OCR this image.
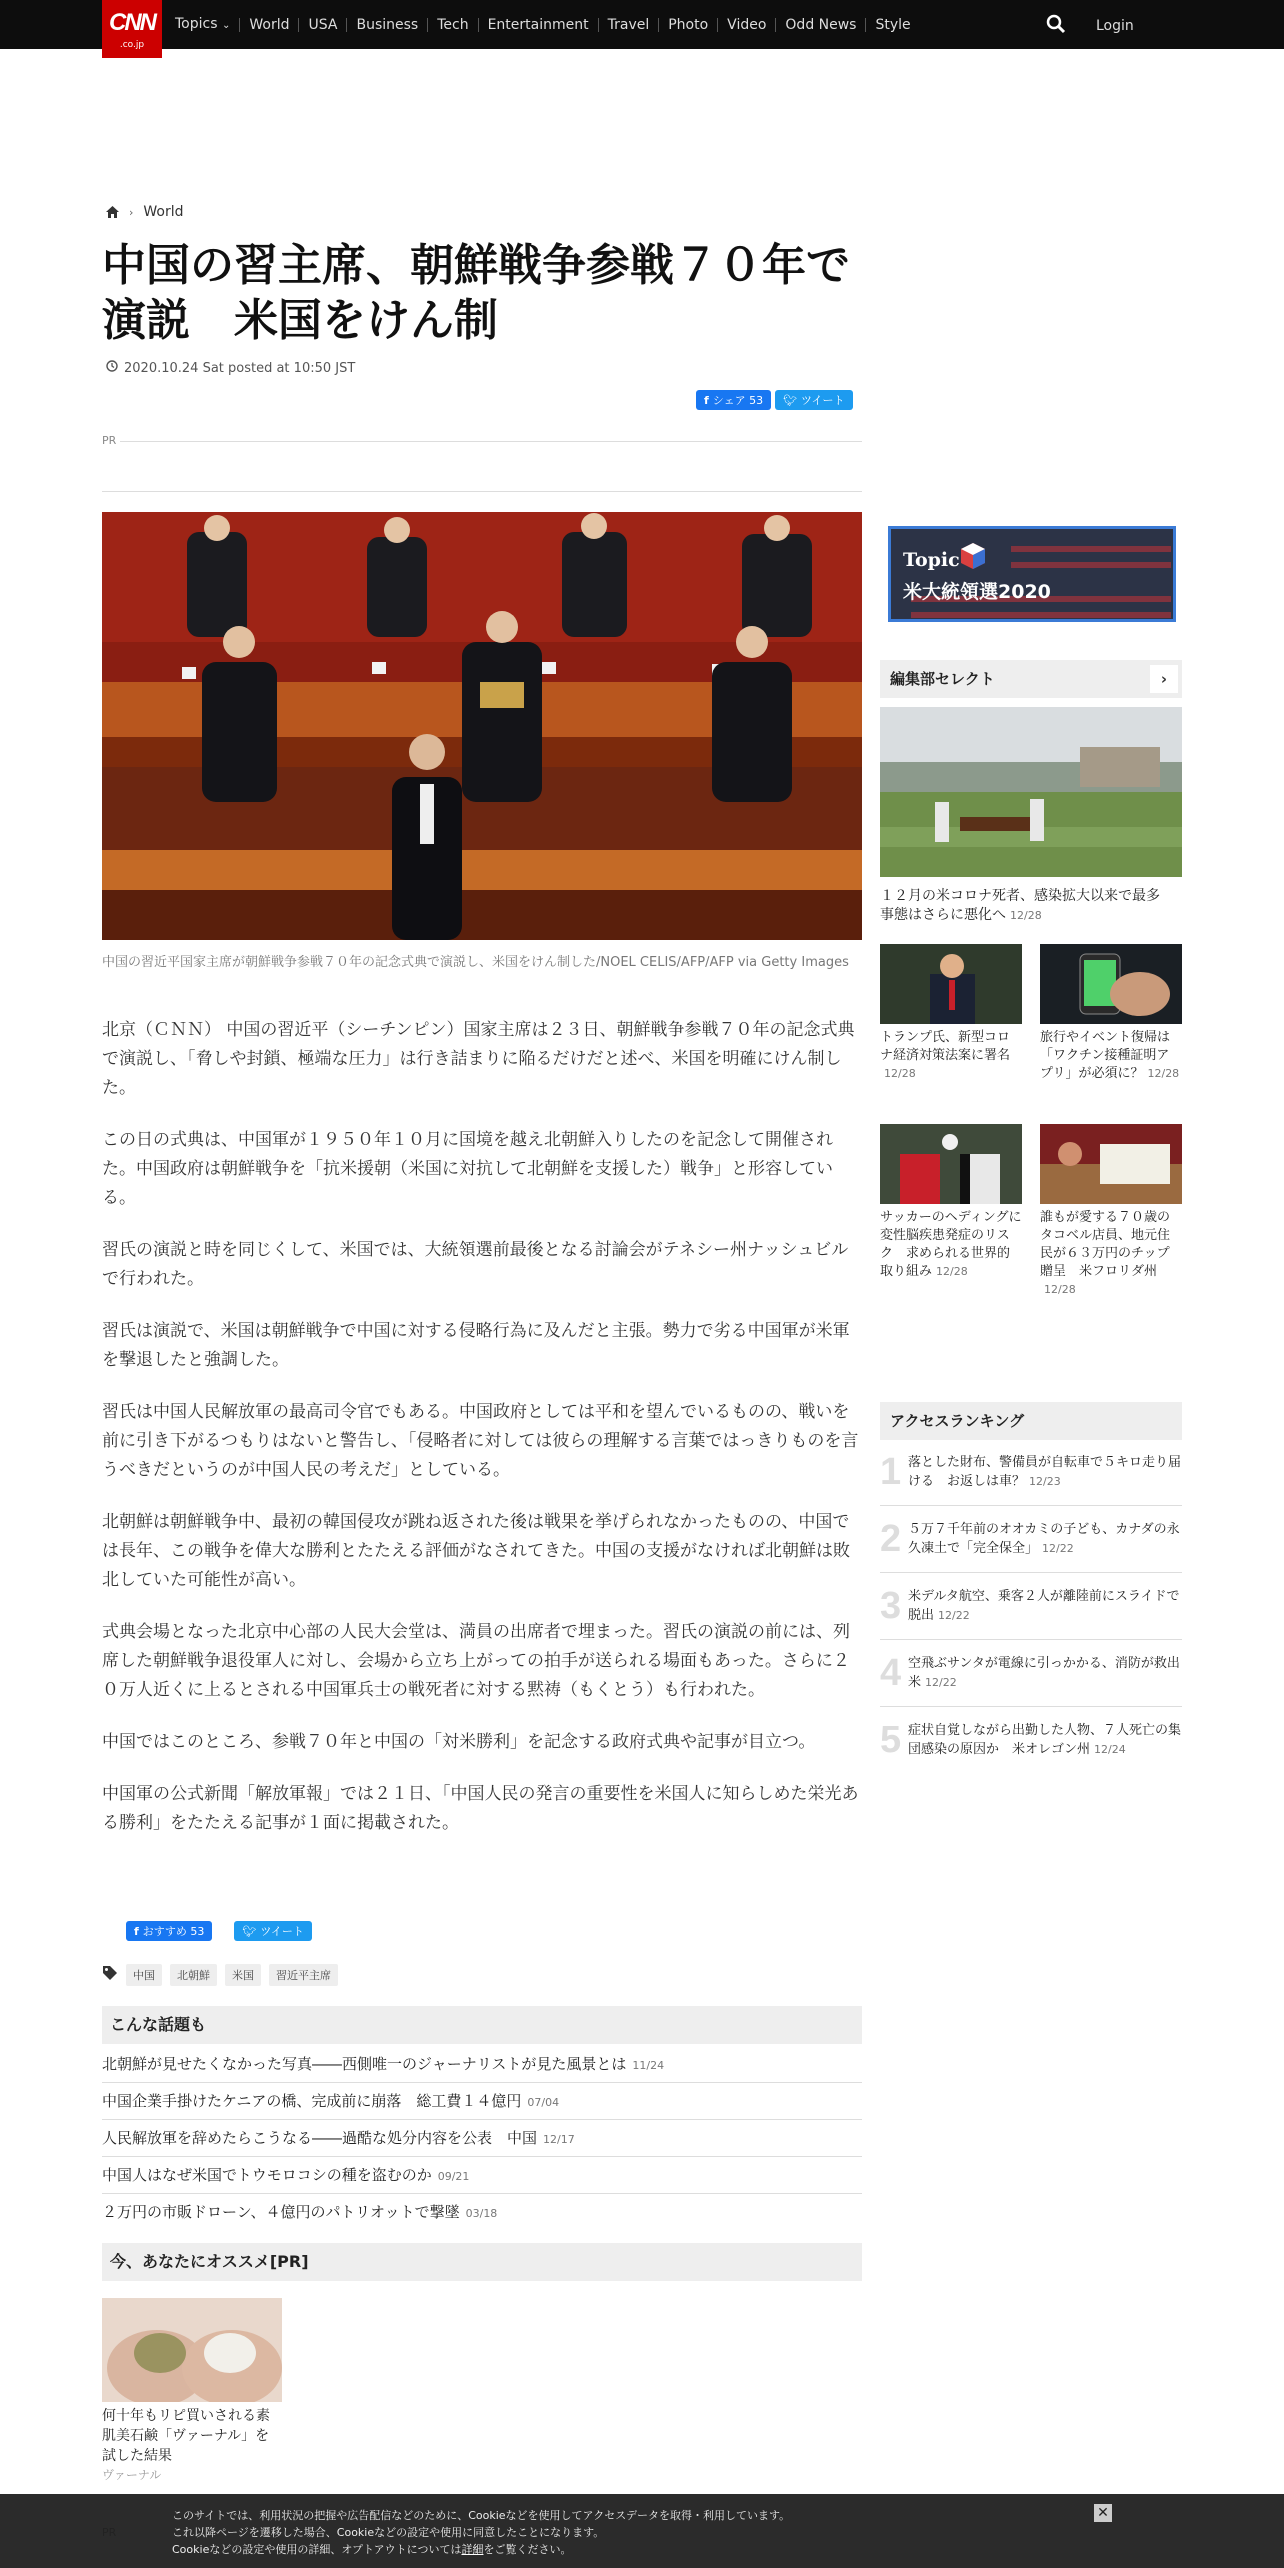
CNN
.co.jp
Topics ⌄	World	USA	Business	Tech	Entertainment	Travel	Photo	Video	Odd News	Style	Login
› World
中国の習主席、朝鮮戦争参戦７０年で演説　米国をけん制
2020.10.24 Sat posted at 10:50 JST
f シェア 53 🐦︎ ツイート
PR
中国の習近平国家主席が朝鮮戦争参戦７０年の記念式典で演説し、米国をけん制した/NOEL CELIS/AFP/AFP via Getty Images

北京（ＣＮＮ） 中国の習近平（シーチンピン）国家主席は２３日、朝鮮戦争参戦７０年の記念式典で演説し、「脅しや封鎖、極端な圧力」は行き詰まりに陥るだけだと述べ、米国を明確にけん制した。

この日の式典は、中国軍が１９５０年１０月に国境を越え北朝鮮入りしたのを記念して開催された。中国政府は朝鮮戦争を「抗米援朝（米国に対抗して北朝鮮を支援した）戦争」と形容している。

習氏の演説と時を同じくして、米国では、大統領選前最後となる討論会がテネシー州ナッシュビルで行われた。

習氏は演説で、米国は朝鮮戦争で中国に対する侵略行為に及んだと主張。勢力で劣る中国軍が米軍を撃退したと強調した。

習氏は中国人民解放軍の最高司令官でもある。中国政府としては平和を望んでいるものの、戦いを前に引き下がるつもりはないと警告し、「侵略者に対しては彼らの理解する言葉ではっきりものを言うべきだというのが中国人民の考えだ」としている。

北朝鮮は朝鮮戦争中、最初の韓国侵攻が跳ね返された後は戦果を挙げられなかったものの、中国では長年、この戦争を偉大な勝利とたたえる評価がなされてきた。中国の支援がなければ北朝鮮は敗北していた可能性が高い。

式典会場となった北京中心部の人民大会堂は、満員の出席者で埋まった。習氏の演説の前には、列席した朝鮮戦争退役軍人に対し、会場から立ち上がっての拍手が送られる場面もあった。さらに２０万人近くに上るとされる中国軍兵士の戦死者に対する黙祷（もくとう）も行われた。

中国ではこのところ、参戦７０年と中国の「対米勝利」を記念する政府式典や記事が目立つ。

中国軍の公式新聞「解放軍報」では２１日、「中国人民の発言の重要性を米国人に知らしめた栄光ある勝利」をたたえる記事が１面に掲載された。

f おすすめ 53	🐦︎ ツイート
中国	北朝鮮	米国	習近平主席
こんな話題も
北朝鮮が見せたくなかった写真――西側唯一のジャーナリストが見た風景とは 11/24
中国企業手掛けたケニアの橋、完成前に崩落　総工費１４億円 07/04
人民解放軍を辞めたらこうなる――過酷な処分内容を公表　中国 12/17
中国人はなぜ米国でトウモロコシの種を盗むのか 09/21
２万円の市販ドローン、４億円のパトリオットで撃墜 03/18
今、あなたにオススメ[PR]
何十年もリピ買いされる素肌美石鹸「ヴァーナル」を試した結果
ヴァーナル
Topic
米大統領選2020
編集部セレクト	›
１２月の米コロナ死者、感染拡大以来で最多　事態はさらに悪化へ 12/28
トランプ氏、新型コロナ経済対策法案に署名12/28
旅行やイベント復帰は「ワクチン接種証明アプリ」が必須に？ 12/28
サッカーのヘディングに変性脳疾患発症のリスク　求められる世界的取り組み 12/28
誰もが愛する７０歳のタコベル店員、地元住民が６３万円のチップ贈呈　米フロリダ州12/28
アクセスランキング
1 落とした財布、警備員が自転車で５キロ走り届ける　お返しは車？ 12/23
2 ５万７千年前のオオカミの子ども、カナダの永久凍土で「完全保全」 12/22
3 米デルタ航空、乗客２人が離陸前にスライドで脱出 12/22
4 空飛ぶサンタが電線に引っかかる、消防が救出　米 12/22
5 症状自覚しながら出勤した人物、７人死亡の集団感染の原因か　米オレゴン州 12/24
このサイトでは、利用状況の把握や広告配信などのために、Cookieなどを使用してアクセスデータを取得・利用しています。
これ以降ページを遷移した場合、Cookieなどの設定や使用に同意したことになります。
Cookieなどの設定や使用の詳細、オプトアウトについては詳細をご覧ください。
✕
